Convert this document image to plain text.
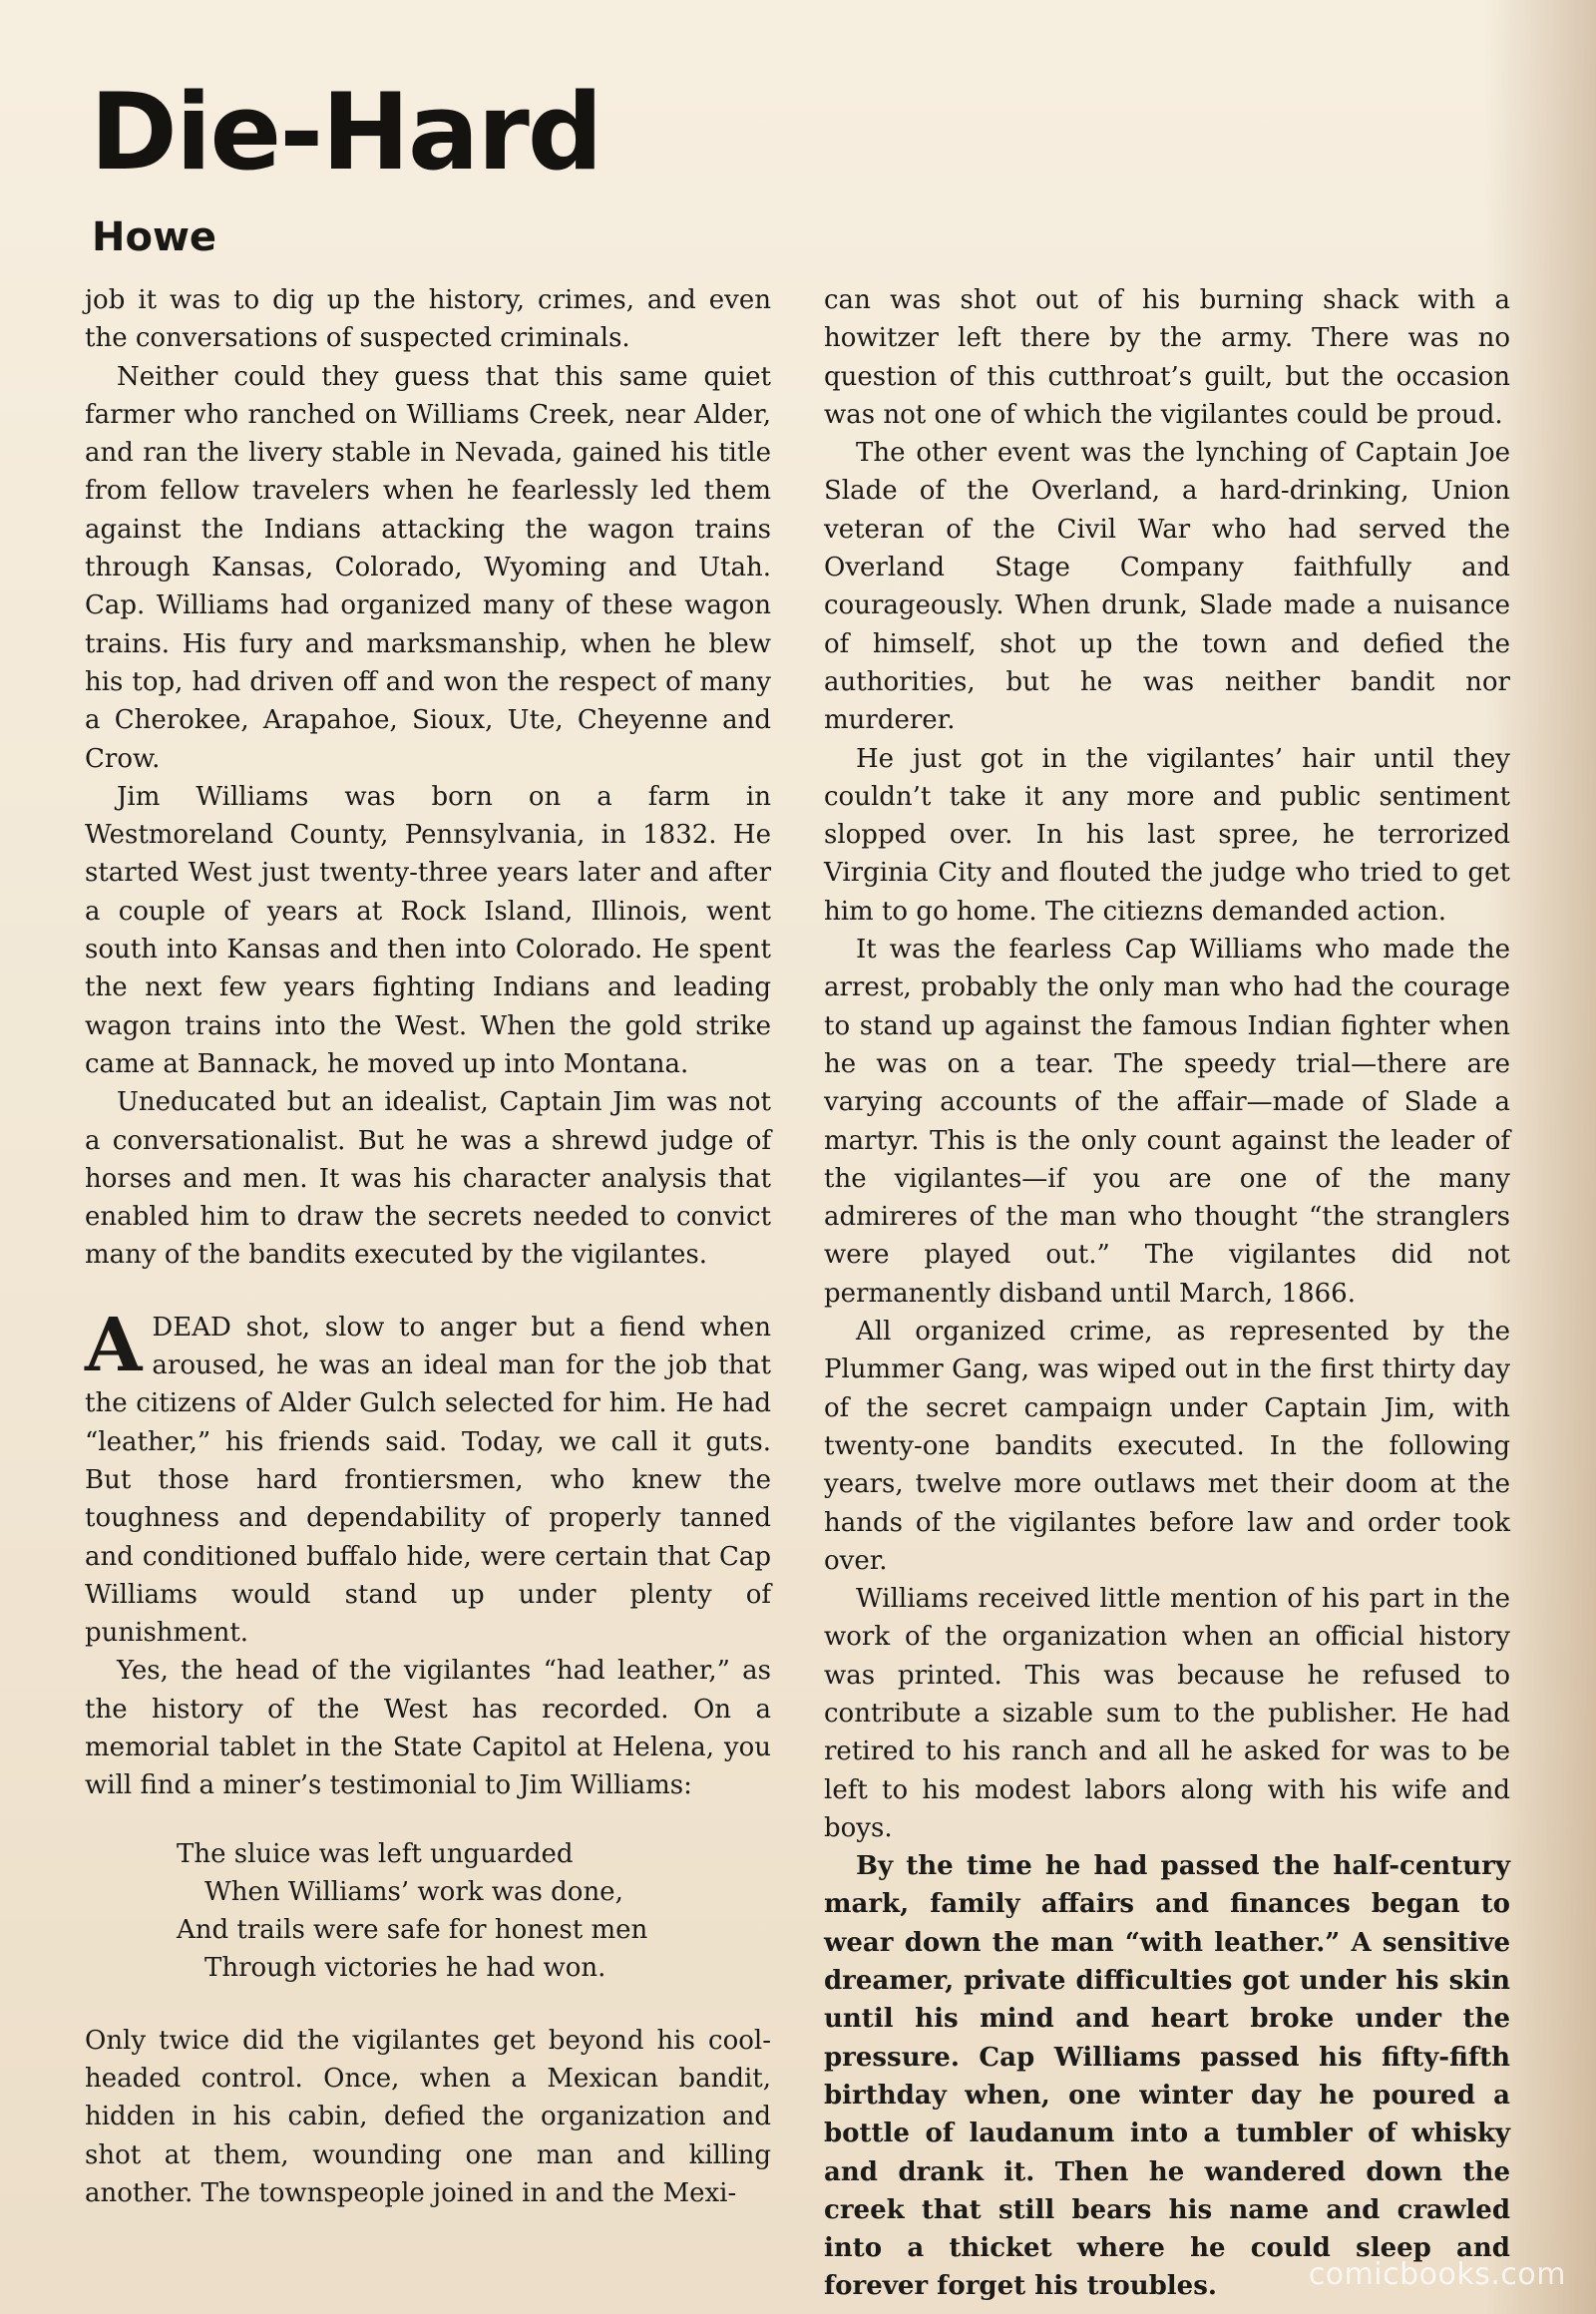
Die-Hard
Howe

job it was to dig up the history, crimes, and even the conversations of suspected criminals.

Neither could they guess that this same quiet farmer who ranched on Williams Creek, near Alder, and ran the livery stable in Nevada, gained his title from fellow travelers when he fearlessly led them against the Indians attacking the wagon trains through Kansas, Colorado, Wyoming and Utah. Cap. Williams had organized many of these wagon trains. His fury and marksmanship, when he blew his top, had driven off and won the respect of many a Cherokee, Arapahoe, Sioux, Ute, Cheyenne and Crow.

Jim Williams was born on a farm in Westmoreland County, Pennsylvania, in 1832. He started West just twenty-three years later and after a couple of years at Rock Island, Illinois, went south into Kansas and then into Colorado. He spent the next few years fighting Indians and leading wagon trains into the West. When the gold strike came at Bannack, he moved up into Montana.

Uneducated but an idealist, Captain Jim was not a conversationalist. But he was a shrewd judge of horses and men. It was his character analysis that enabled him to draw the secrets needed to convict many of the bandits executed by the vigilantes.

ADEAD shot, slow to anger but a fiend when aroused, he was an ideal man for the job that the citizens of Alder Gulch selected for him. He had “leather,” his friends said. Today, we call it guts. But those hard frontiersmen, who knew the toughness and dependability of properly tanned and conditioned buffalo hide, were certain that Cap Williams would stand up under plenty of punishment.

Yes, the head of the vigilantes “had leather,” as the history of the West has recorded. On a memorial tablet in the State Capitol at Helena, you will find a miner’s testimonial to Jim Williams:

The sluice was left unguarded
When Williams’ work was done,
And trails were safe for honest men
Through victories he had won.

Only twice did the vigilantes get beyond his cool-headed control. Once, when a Mexican bandit, hidden in his cabin, defied the organization and shot at them, wounding one man and killing another. The townspeople joined in and the Mexi-

can was shot out of his burning shack with a howitzer left there by the army. There was no question of this cutthroat’s guilt, but the occasion was not one of which the vigilantes could be proud.

The other event was the lynching of Captain Joe Slade of the Overland, a hard-drinking, Union veteran of the Civil War who had served the Overland Stage Company faithfully and courageously. When drunk, Slade made a nuisance of himself, shot up the town and defied the authorities, but he was neither bandit nor murderer.

He just got in the vigilantes’ hair until they couldn’t take it any more and public sentiment slopped over. In his last spree, he terrorized Virginia City and flouted the judge who tried to get him to go home. The citiezns demanded action.

It was the fearless Cap Williams who made the arrest, probably the only man who had the courage to stand up against the famous Indian fighter when he was on a tear. The speedy trial—there are varying accounts of the affair—made of Slade a martyr. This is the only count against the leader of the vigilantes—if you are one of the many admireres of the man who thought “the stranglers were played out.” The vigilantes did not permanently disband until March, 1866.

All organized crime, as represented by the Plummer Gang, was wiped out in the first thirty day of the secret campaign under Captain Jim, with twenty-one bandits executed. In the following years, twelve more outlaws met their doom at the hands of the vigilantes before law and order took over.

Williams received little mention of his part in the work of the organization when an official history was printed. This was because he refused to contribute a sizable sum to the publisher. He had retired to his ranch and all he asked for was to be left to his modest labors along with his wife and boys.

By the time he had passed the half-century mark, family affairs and finances began to wear down the man “with leather.” A sensitive dreamer, private difficulties got under his skin until his mind and heart broke under the pressure. Cap Williams passed his fifty-fifth birthday when, one winter day he poured a bottle of laudanum into a tumbler of whisky and drank it. Then he wandered down the creek that still bears his name and crawled into a thicket where he could sleep and forever forget his troubles.	comicbooks.com
